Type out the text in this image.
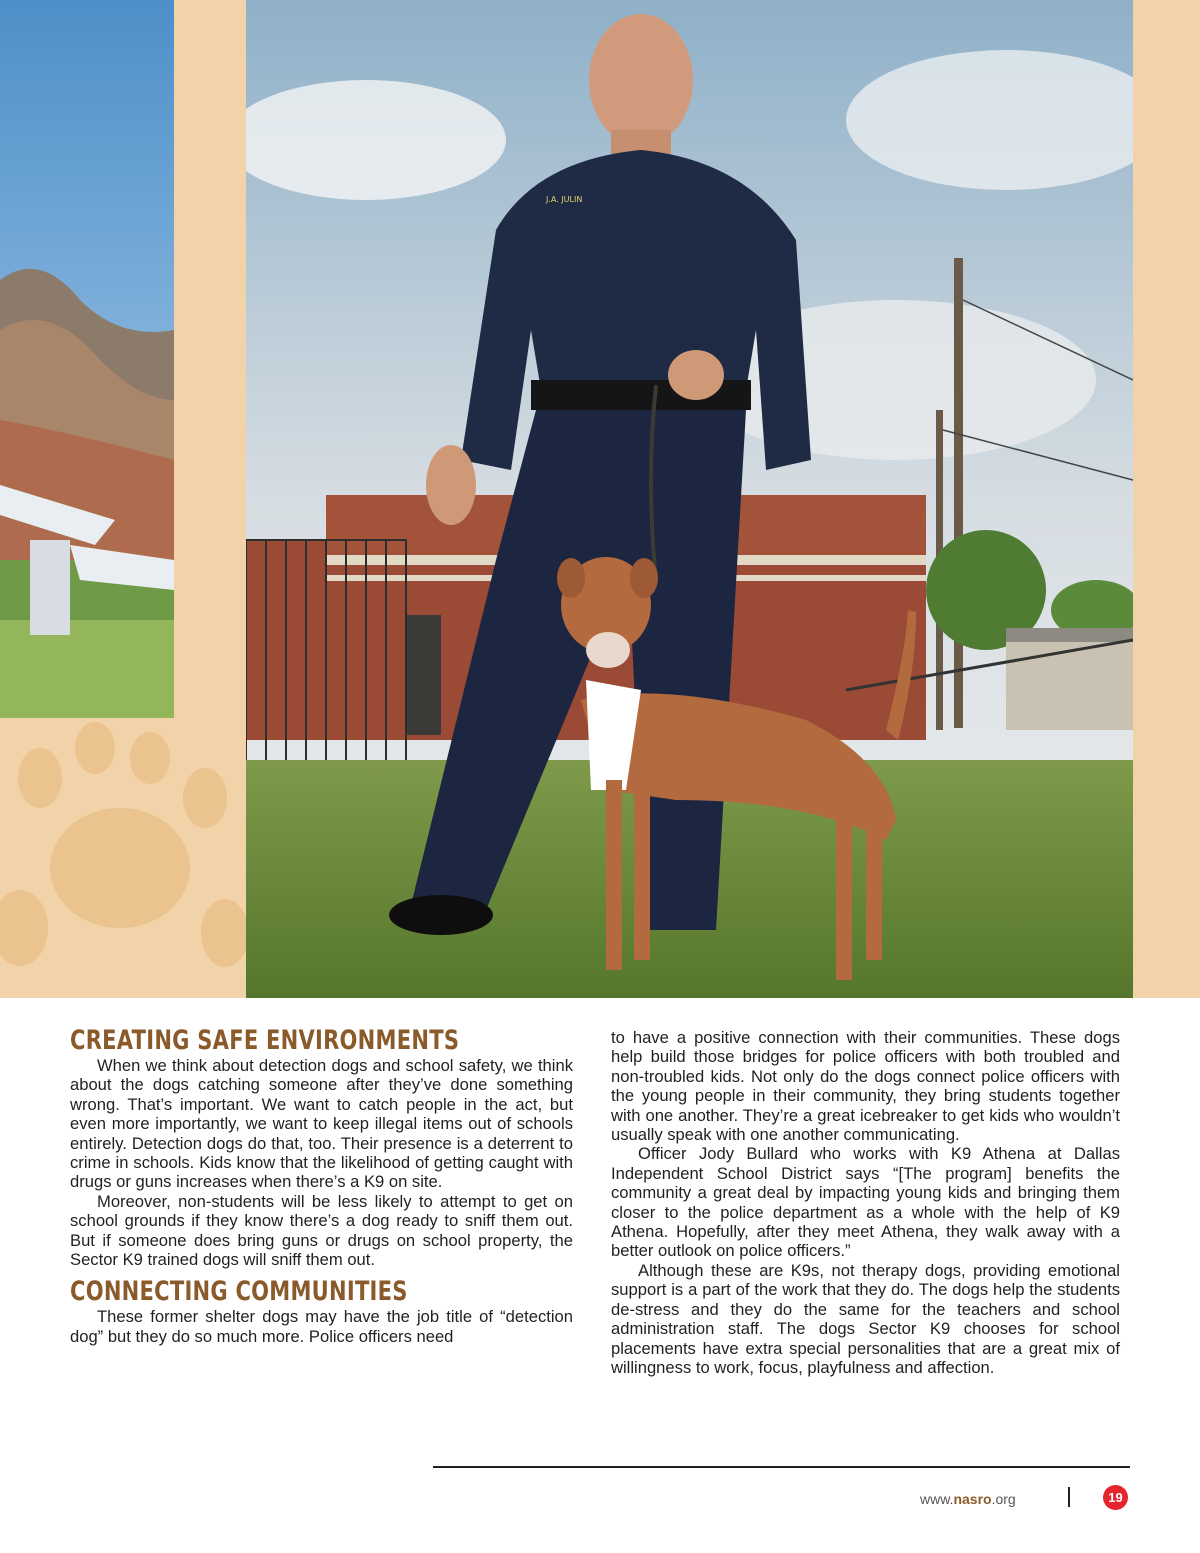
J.A. JULIN
CREATING SAFE ENVIRONMENTS

When we think about detection dogs and school safety, we think about the dogs catching someone after they’ve done something wrong. That’s important. We want to catch people in the act, but even more importantly, we want to keep illegal items out of schools entirely. Detection dogs do that, too. Their presence is a deterrent to crime in schools. Kids know that the likelihood of getting caught with drugs or guns increases when there’s a K9 on site.

Moreover, non-students will be less likely to attempt to get on school grounds if they know there’s a dog ready to sniff them out. But if someone does bring guns or drugs on school property, the Sector K9 trained dogs will sniff them out.

CONNECTING COMMUNITIES

These former shelter dogs may have the job title of “detection dog” but they do so much more. Police officers need

to have a positive connection with their communities. These dogs help build those bridges for police officers with both troubled and non-troubled kids. Not only do the dogs connect police officers with the young people in their community, they bring students together with one another. They’re a great icebreaker to get kids who wouldn’t usually speak with one another communicating.

Officer Jody Bullard who works with K9 Athena at Dallas Independent School District says “[The program] benefits the community a great deal by impacting young kids and bringing them closer to the police department as a whole with the help of K9 Athena. Hopefully, after they meet Athena, they walk away with a better outlook on police officers.”

Although these are K9s, not therapy dogs, providing emotional support is a part of the work that they do. The dogs help the students de-stress and they do the same for the teachers and school administration staff. The dogs Sector K9 chooses for school placements have extra special personalities that are a great mix of willingness to work, focus, playfulness and affection.

www.nasro.org	19
